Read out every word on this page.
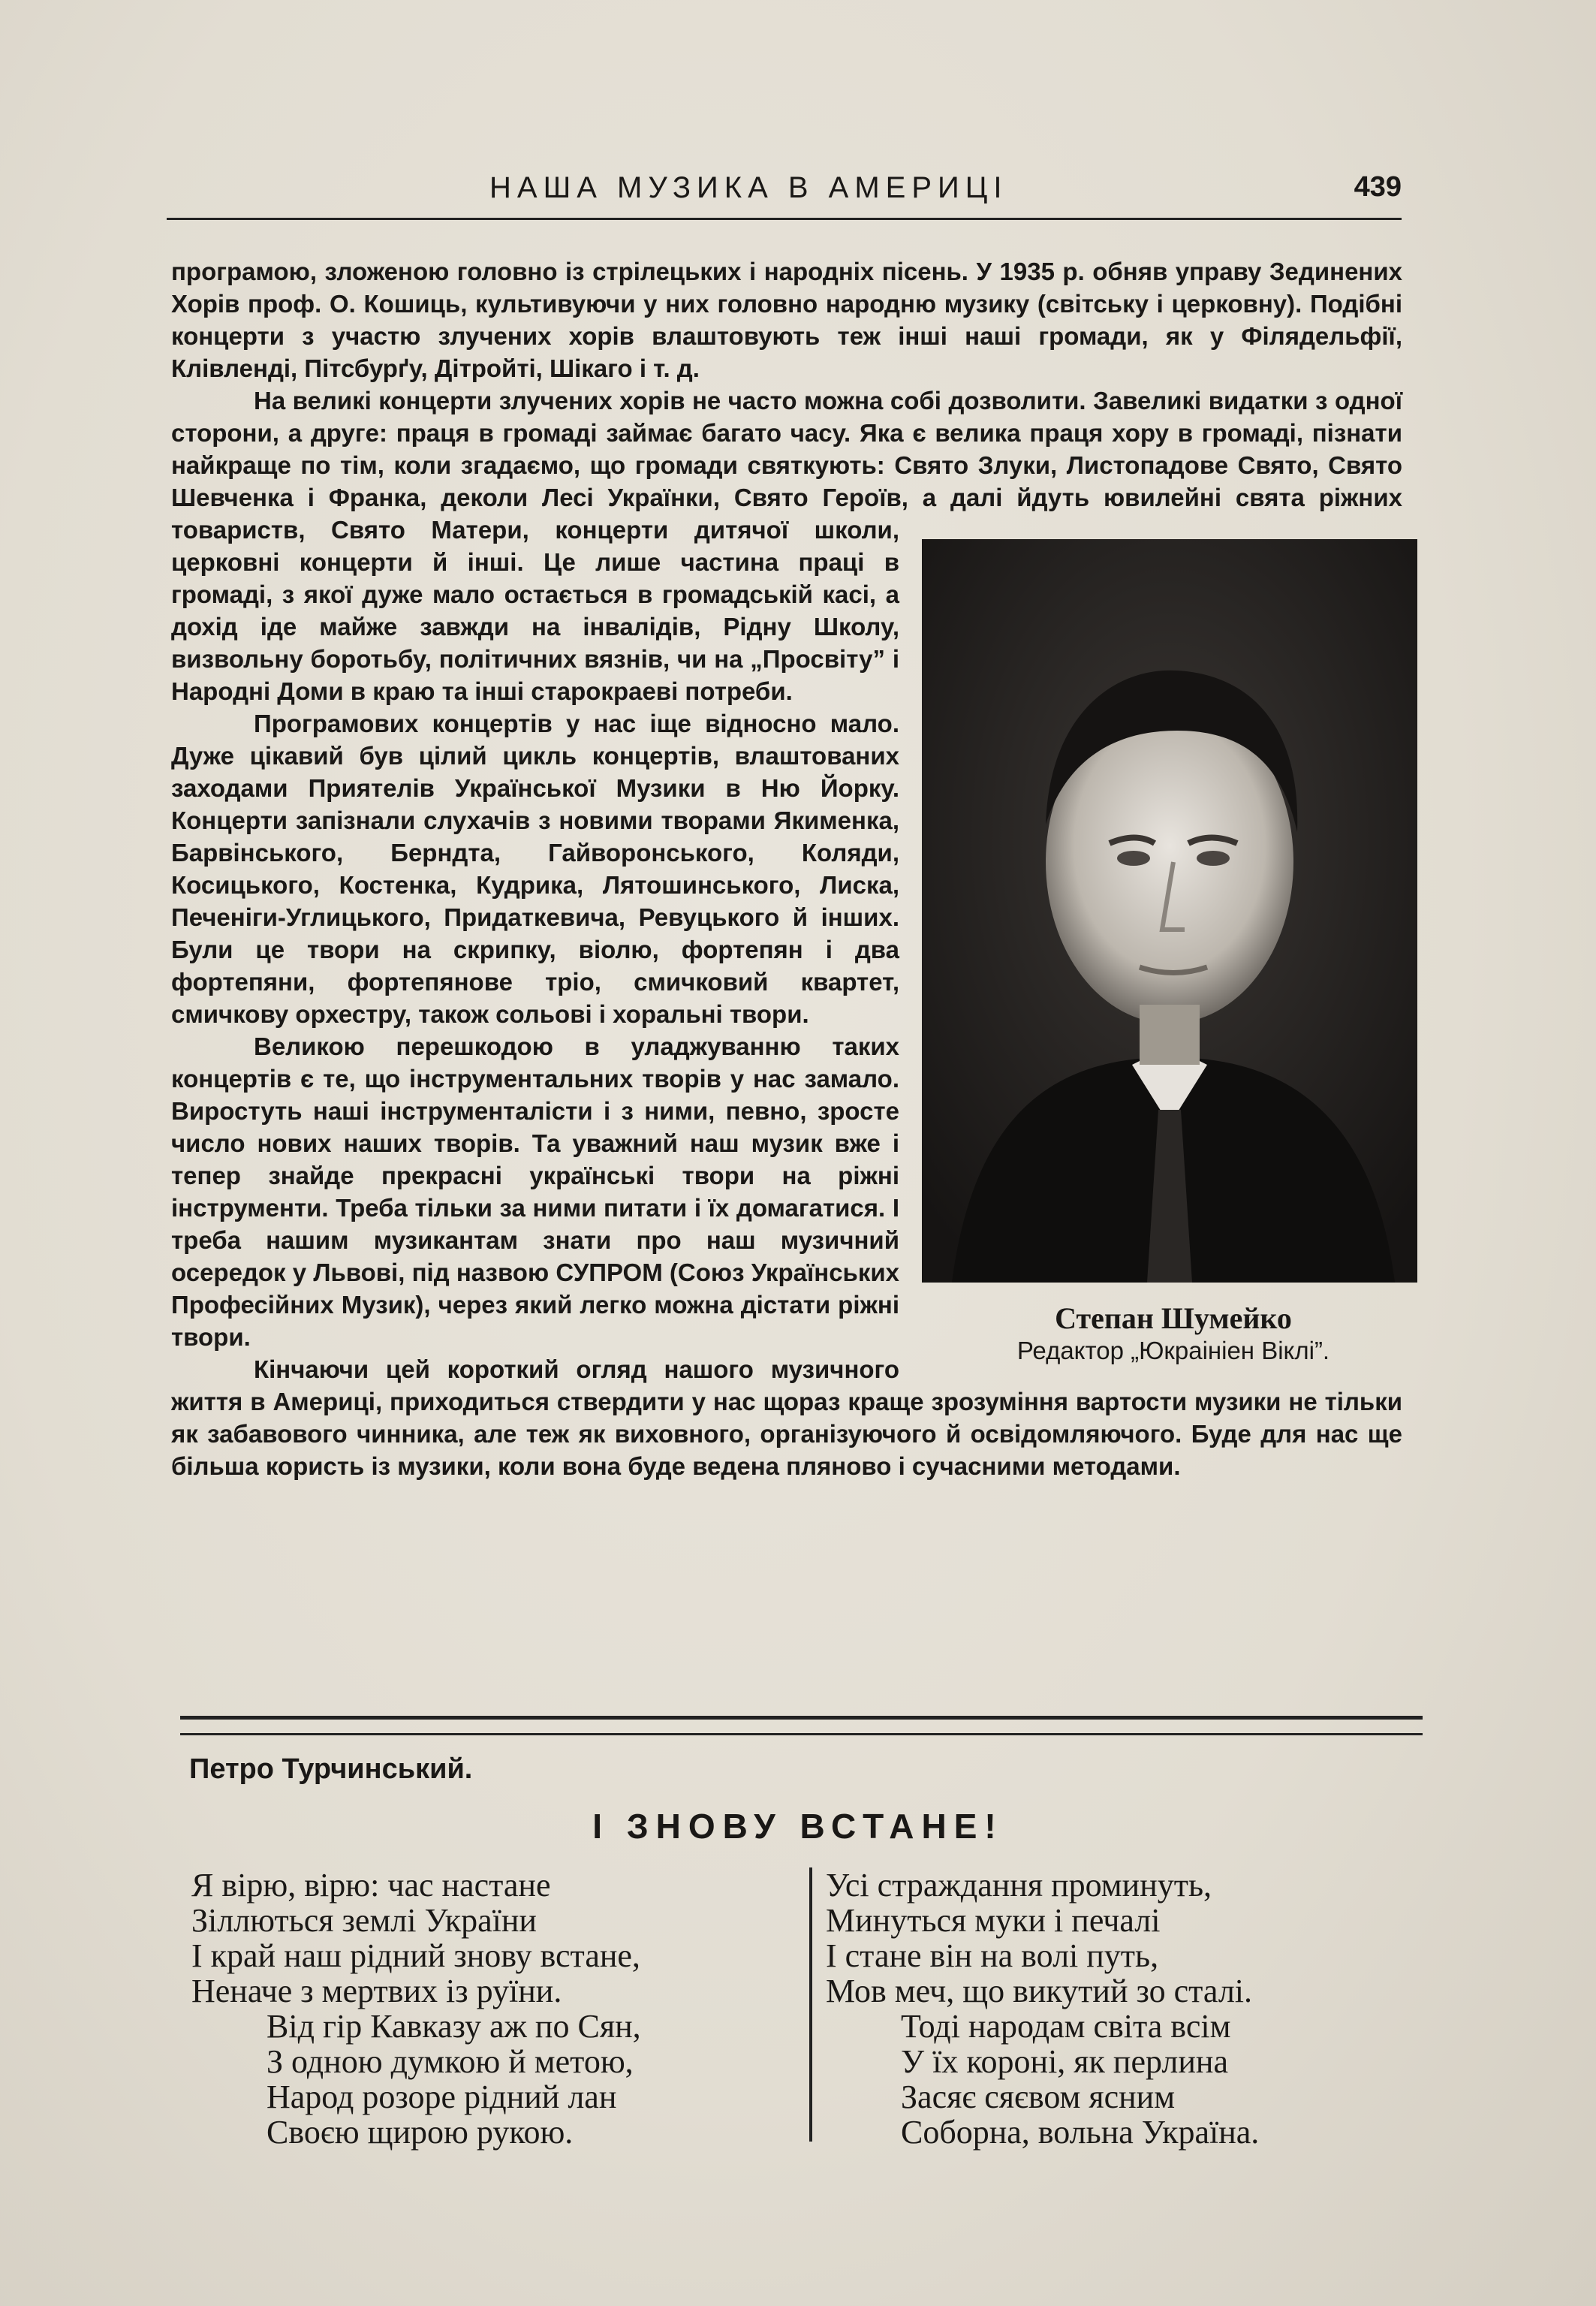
НАША МУЗИКА В АМЕРИЦІ	439
Степан Шумейко
Редактор „Юкраініен Віклі”.

програмою, зложеною головно із стрілецьких і народніх пісень. У 1935 р. обняв управу Зединених Хорів проф. О. Кошиць, культивуючи у них головно народню музику (світську і церковну). Подібні концерти з участю злучених хорів влаштовують теж інші наші громади, як у Філядельфії, Клівленді, Пітсбурґу, Дітройті, Шікаго і т. д.

На великі концерти злучених хорів не часто можна собі дозволити. Завеликі видатки з одної сторони, а друге: праця в громаді займає багато часу. Яка є велика праця хору в громаді, пізнати найкраще по тім, коли згадаємо, що громади святкують: Свято Злуки, Листопадове Свято, Свято Шевченка і Франка, деколи Лесі Українки, Свято Героїв, а далі йдуть ювилейні свята ріжних товариств, Свято Матери, концерти дитячої школи, церковні концерти й інші. Це лише частина праці в громаді, з якої дуже мало остається в громадській касі, а дохід іде майже завжди на інвалідів, Рідну Школу, визвольну боротьбу, політичних вязнів, чи на „Просвіту” і Народні Доми в краю та інші старокраеві потреби.

Програмових концертів у нас іще відносно мало. Дуже цікавий був цілий цикль концертів, влаштованих заходами Приятелів Української Музики в Ню Йорку. Концерти запізнали слухачів з новими творами Якименка, Барвінського, Берндта, Гайворонського, Коляди, Косицького, Костенка, Кудрика, Лятошинського, Лиска, Печеніги-Углицького, Придаткевича, Ревуцького й інших. Були це твори на скрипку, віолю, фортепян і два фортепяни, фортепянове тріо, смичковий квартет, смичкову орхестру, також сольові і хоральні твори.

Великою перешкодою в уладжуванню таких концертів є те, що інструментальних творів у нас замало. Виростуть наші інструменталісти і з ними, певно, зросте число нових наших творів. Та уважний наш музик вже і тепер знайде прекрасні українські твори на ріжні інструменти. Треба тільки за ними питати і їх домагатися. І треба нашим музикантам знати про наш музичний осередок у Львові, під назвою СУПРОМ (Союз Українських Професійних Музик), через який легко можна дістати ріжні твори.

Кінчаючи цей короткий огляд нашого музичного життя в Америці, приходиться ствердити у нас щораз краще зрозуміння вартости музики не тільки як забавового чинника, але теж як виховного, організуючого й освідомляючого. Буде для нас ще більша користь із музики, коли вона буде ведена пляново і сучасними методами.

Петро Турчинський.
І ЗНОВУ ВСТАНЕ!
Я вірю, вірю: час настане
Зіллються землі України
І край наш рідний знову встане,
Неначе з мертвих із руїни.
Від гір Кавказу аж по Сян,
З одною думкою й метою,
Народ розоре рідний лан
Своєю щирою рукою.
Усі страждання проминуть,
Минуться муки і печалі
І стане він на волі путь,
Мов меч, що викутий зо сталі.
Тоді народам світа всім
У їх короні, як перлина
Засяє сяєвом ясним
Соборна, вольна Україна.
